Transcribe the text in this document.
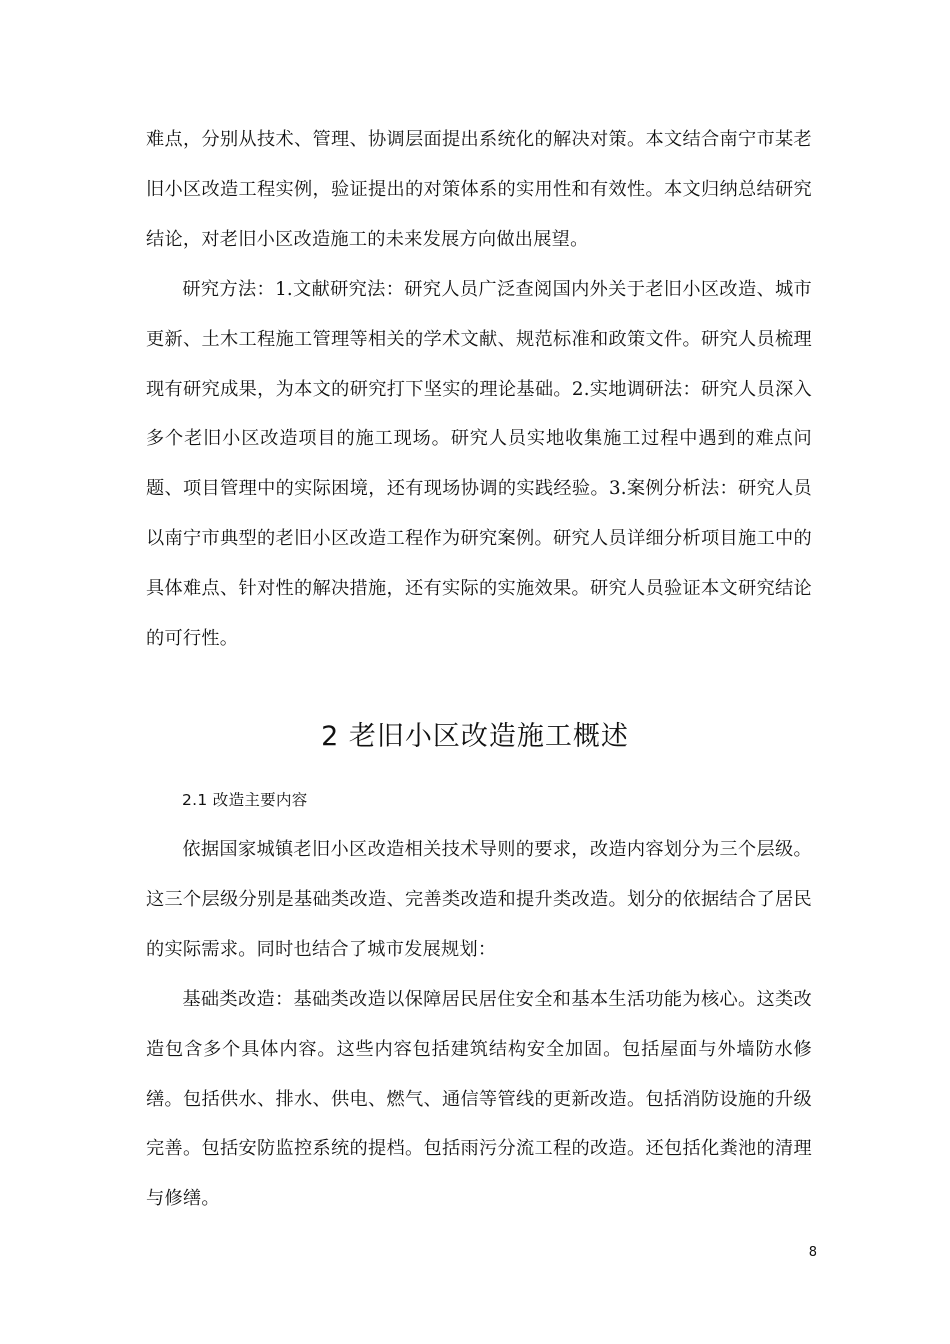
难点，分别从技术、管理、协调层面提出系统化的解决对策。本文结合南宁市某老旧小区改造工程实例，验证提出的对策体系的实用性和有效性。本文归纳总结研究结论，对老旧小区改造施工的未来发展方向做出展望。

研究方法：1.文献研究法：研究人员广泛查阅国内外关于老旧小区改造、城市更新、土木工程施工管理等相关的学术文献、规范标准和政策文件。研究人员梳理现有研究成果，为本文的研究打下坚实的理论基础。2.实地调研法：研究人员深入多个老旧小区改造项目的施工现场。研究人员实地收集施工过程中遇到的难点问题、项目管理中的实际困境，还有现场协调的实践经验。3.案例分析法：研究人员以南宁市典型的老旧小区改造工程作为研究案例。研究人员详细分析项目施工中的具体难点、针对性的解决措施，还有实际的实施效果。研究人员验证本文研究结论的可行性。

2 老旧小区改造施工概述
2.1 改造主要内容

依据国家城镇老旧小区改造相关技术导则的要求，改造内容划分为三个层级。这三个层级分别是基础类改造、完善类改造和提升类改造。划分的依据结合了居民的实际需求。同时也结合了城市发展规划：

基础类改造：基础类改造以保障居民居住安全和基本生活功能为核心。这类改造包含多个具体内容。这些内容包括建筑结构安全加固。包括屋面与外墙防水修缮。包括供水、排水、供电、燃气、通信等管线的更新改造。包括消防设施的升级完善。包括安防监控系统的提档。包括雨污分流工程的改造。还包括化粪池的清理与修缮。

8
